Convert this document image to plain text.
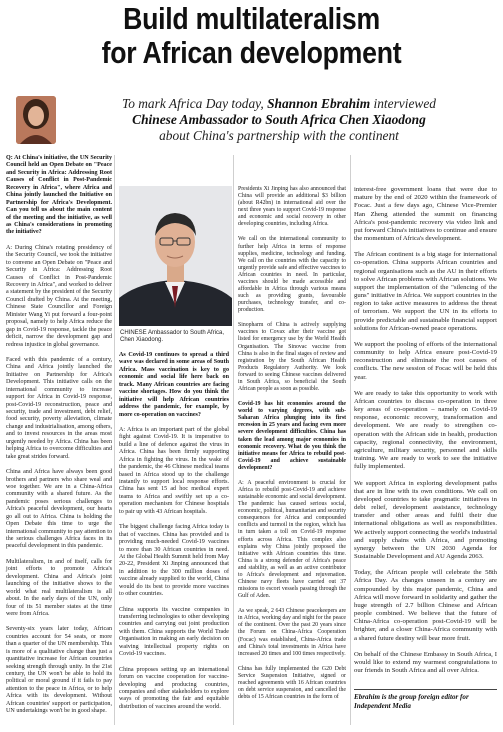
Build multilateralism
for African development
To mark Africa Day today, Shannon Ebrahim interviewed
Chinese Ambassador to South Africa Chen Xiaodong
about China's partnership with the continent

Q: At China's initiative, the UN Security Council held an Open Debate on "Peace and Security in Africa: Addressing Root Causes of Conflict in Post-Pandemic Recovery in Africa", where Africa and China jointly launched the Initiative on Partnership for Africa's Development. Can you tell us about the main content of the meeting and the initiative, as well as China's considerations in promoting the initiative?

A: During China's rotating presidency of the Security Council, we took the initiative to convene an Open Debate on "Peace and Security in Africa: Addressing Root Causes of Conflict in Post-Pandemic Recovery in Africa", and worked to deliver a statement by the president of the Security Council drafted by China. At the meeting, Chinese State Councillor and Foreign Minister Wang Yi put forward a four-point proposal, namely to help Africa reduce the gap in Covid-19 response, tackle the peace deficit, narrow the development gap and redress injustice in global governance.

Faced with this pandemic of a century, China and Africa jointly launched the Initiative on Partnership for Africa's Development. This initiative calls on the international community to increase support for Africa in Covid-19 response, post-Covid-19 reconstruction, peace and security, trade and investment, debt relief, food security, poverty alleviation, climate change and industrialisation, among others, and to invest resources in the areas most urgently needed by Africa. China has been helping Africa to overcome difficulties and take great strides forward.

China and Africa have always been good brothers and partners who share weal and woe together. We are in a China-Africa community with a shared future. As the pandemic poses serious challenges to Africa's peaceful development, our hearts go all out to Africa. China is holding the Open Debate this time to urge the international community to pay attention to the serious challenges Africa faces in its peaceful development in this pandemic.

Multilateralism, in and of itself, calls for joint efforts to promote Africa's development. China and Africa's joint launching of the initiative shows to the world what real multilateralism is all about. In the early days of the UN, only four of its 51 member states at the time were from Africa.

Seventy-six years later today, African countries account for 54 seats, or more than a quarter of the UN membership. This is more of a qualitative change than just a quantitative increase for African countries seeking strength through unity. In the 21st century, the UN won't be able to hold its political or moral ground if it fails to pay attention to the peace in Africa, or to help Africa with its development. Without African countries' support or participation, UN undertakings won't be in good shape.

CHINESE Ambassador to South Africa, Chen Xiaodong.

As Covid-19 continues to spread a third wave was declared in some areas of South Africa. Mass vaccination is key to go economic and social life here back on track. Many African countries are facing vaccine shortages. How do you think the initiative will help African countries address the pandemic, for example, by more co-operation on vaccines?

A: Africa is an important part of the global fight against Covid-19. It is imperative to build a line of defence against the virus in Africa. China has been firmly supporting Africa in fighting the virus. In the wake of the pandemic, the 46 Chinese medical teams based in Africa stood up to the challenge instantly to support local response efforts. China has sent 15 ad hoc medical expert teams to Africa and swiftly set up a co-operation mechanism for Chinese hospitals to pair up with 43 African hospitals.

The biggest challenge facing Africa today is that of vaccines. China has provided and is providing much-needed Covid-19 vaccines to more than 30 African countries in need. At the Global Health Summit held from May 20-22, President Xi Jinping announced that in addition to the 300 million doses of vaccine already supplied to the world, China would do its best to provide more vaccines to other countries.

China supports its vaccine companies in transferring technologies to other developing countries and carrying out joint production with them. China supports the World Trade Organisation in making an early decision on waiving intellectual property rights on Covid-19 vaccines.

China proposes setting up an international forum on vaccine cooperation for vaccine-developing and producing countries, companies and other stakeholders to explore ways of promoting the fair and equitable distribution of vaccines around the world.

Presidents Xi Jinping has also announced that China will provide an additional $3 billion (about R42bn) in international aid over the next three years to support Covid-19 response and economic and social recovery in other developing countries, including Africa.

We call on the international community to further help Africa in terms of response supplies, medicine, technology and funding. We call on the countries with the capacity to urgently provide safe and effective vaccines to African countries in need. In particular, vaccines should be made accessible and affordable in Africa through various means such as providing grants, favourable purchases, technology transfer, and co-production.

Sinopharm of China is actively supplying vaccines to Covax after their vaccine got listed for emergency use by the World Health Organisation. The Sinovac vaccine from China is also in the final stages of review and registration by the South African Health Products Regulatory Authority. We look forward to seeing Chinese vaccines delivered in South Africa, so beneficial the South African people as soon as possible.

Covid-19 has hit economies around the world to varying degrees, with sub-Saharan Africa plunging into its first recession in 25 years and facing even more severe development difficulties. China has taken the lead among major economies in economic recovery. What do you think the initiative means for Africa to rebuild post-Covid-19 and achieve sustainable development?

A: A peaceful environment is crucial for Africa to rebuild post-Covid-19 and achieve sustainable economic and social development. The pandemic has caused serious social, economic, political, humanitarian and security consequences for Africa and compounded conflicts and turmoil in the region, which has in turn taken a toll on Covid-19 response efforts across Africa. This complex also explains why China jointly proposed the initiative with African countries this time. China is a strong defender of Africa's peace and stability, as well as an active contributor to Africa's development and rejuvenation. Chinese navy fleets have carried out 37 missions to escort vessels passing through the Gulf of Aden.

As we speak, 2 643 Chinese peacekeepers are in Africa, working day and night for the peace of the continent. Over the past 20 years since the Forum on China-Africa Cooperation (Focac) was established, China-Africa trade and China's total investments in Africa have increased 20 times and 100 times respectively.

China has fully implemented the G20 Debt Service Suspension Initiative, signed or reached agreements with 16 African countries on debt service suspension, and cancelled the debts of 15 African countries in the form of

interest-free government loans that were due to mature by the end of 2020 within the framework of Focac. Just a few days ago, Chinese Vice-Premier Han Zheng attended the summit on financing Africa's post-pandemic recovery via video link and put forward China's initiatives to continue and ensure the momentum of Africa's development.

The African continent is a big stage for international co-operation. China supports African countries and regional organisations such as the AU in their efforts to solve African problems with African solutions. We support the implementation of the "silencing of the guns" initiative in Africa. We support countries in the region to take active measures to address the threat of terrorism. We support the UN in its efforts to provide predictable and sustainable financial support solutions for African-owned peace operations.

We support the pooling of efforts of the international community to help Africa ensure post-Covid-19 reconstruction and eliminate the root causes of conflicts. The new session of Focac will be held this year.

We are ready to take this opportunity to work with African countries to discuss co-operation in three key areas of co-operation – namely on Covid-19 response, economic recovery, transformation and development. We are ready to strengthen co-operation with the African side in health, production capacity, regional connectivity, the environment, agriculture, military security, personnel and skills training. We are ready to work to see the initiative fully implemented.

We support Africa in exploring development paths that are in line with its own conditions. We call on developed countries to take pragmatic initiatives in debt relief, development assistance, technology transfer and other areas and fulfil their due international obligations as well as responsibilities. We actively support connecting the world's industrial and supply chains with Africa, and promoting synergy between the UN 2030 Agenda for Sustainable Development and AU Agenda 2063.

Today, the African people will celebrate the 58th Africa Day. As changes unseen in a century are compounded by this major pandemic, China and Africa will move forward in solidarity and gather the huge strength of 2.7 billion Chinese and African people combined. We believe that the future of China-Africa co-operation post-Covid-19 will be brighter, and a closer China-Africa community with a shared future destiny will bear more fruit.

On behalf of the Chinese Embassy in South Africa, I would like to extend my warmest congratulations to our friends in South Africa and all over Africa.

Ebrahim is the group foreign editor for Independent Media
